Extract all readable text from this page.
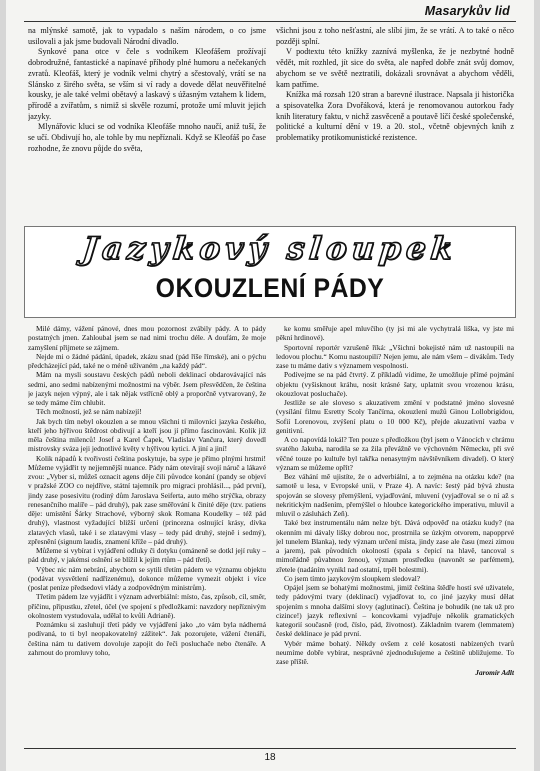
Masarykův lid

na mlýnské samotě, jak to vypadalo s naším národem, o co jsme usilovali a jak jsme budovali Národní divadlo.

Synkové pana otce v čele s vodníkem Kleofášem prožívají dobrodružné, fantastické a napínavé příhody plné humoru a nečekaných zvratů. Kleofáš, který je vodník velmi chytrý a sčestovalý, vrátí se na Slánsko z širého světa, se vším si ví rady a dovede dělat neuvěřitelné kousky, je ale také velmi obětavý a laskavý s úžasným vztahem k lidem, přírodě a zvířatům, s nimiž si skvěle rozumí, protože umí mluvit jejich jazyky.

Mlynářovic kluci se od vodníka Kleofáše mnoho naučí, aniž tuší, že se učí. Obdivují ho, ale tohle by mu nepříznali. Když se Kleofáš po čase rozhodne, že znovu půjde do světa,

všichni jsou z toho nešťastní, ale slíbí jim, že se vrátí. A to také o něco později splní.

V podtextu této knížky zaznívá myšlenka, že je nezbytné hodně vědět, mít rozhled, jít sice do světa, ale napřed dobře znát svůj domov, abychom se ve světě neztratili, dokázali srovnávat a abychom věděli, kam patříme.

Knížka má rozsah 120 stran a barevné ilustrace. Napsala ji historička a spisovatelka Zora Dvořáková, která je renomovanou autorkou řady knih literatury faktu, v nichž zasvěceně a poutavě líčí české společenské, politické a kulturní dění v 19. a 20. stol., včetně objevných knih z problematiky protikomunistické rezistence.

Jazykový sloupek
OKOUZLENÍ PÁDY

Milé dámy, vážení pánové, dnes mou pozornost zvábily pády. A to pády postatných jmen. Zahloubal jsem se nad nimi trochu déle. A doufám, že moje zamyšlení přijmete se zájmem.

Nejde mi o žádné pádání, úpadek, zkázu snad (pád říše římské), ani o pýchu předcházející pád, také ne o méně užívaném „na každý pád“.

Mám na mysli soustavu českých pádů neboli deklinací obdarovávající nás sedmi, ano sedmi nabízenými možnostmi na výběr. Jsem přesvědčen, že čeština je jazyk nejen výpný, ale i tak nějak vstřícně oblý a proporčně vytvarovaný, že se tedy máme čím chlubit.

Těch možností, jež se nám nabízejí!

Jak bych tím nebyl okouzlen a se mnou všichni ti milovníci jazyka českého, kteří jeho hýřivou štědrost obdivují a kteří jsou jí přímo fascinováni. Kolik již měla čeština milenců! Josef a Karel Čapek, Vladislav Vančura, který dovedl mistrovsky sváza jeji jednotlivé květy v hýřivou kytici. A jiní a jiní!

Kolik nápadů k tvořivosti čeština poskytuje, ba sype je přímo plnými hrstmi! Můžeme vyjádřit ty nejjemnější nuance. Pády nám otevírají svojí náruč a lákavé zvou: „Vyber si, můžeš oznacit agens děje čili původce konání (pandy se objeví v pražské ZOO co nejdříve, státní tajemník pro migraci prohlásil..., pád první), jindy zase posesivitu (rodiný dům Jaroslava Seiferta, auto mého strýčka, obrazy renesančního malíře – pád druhý), pak zase směřování k činité děje (tzv. patiens děje: umístění Šárky Strachové, výborný skok Romana Koudelky – též pád druhý), vlastnost vyžadující bližší určení (princezna oslnující krásy, dívka zlatavých vlasů, také i se zlatavými vlasy – tedy pád druhý, stejně i sedmý), zpřesnění (signum laudis, znamení kříže – pád druhý).

Můžeme si vybírat i vyjádření odluky či dotyku (ománeně se dotkl její ruky – pád druhý, v jakémsi oslnění se blížil k jejím rtům – pád třetí).

Výbec nic nám nebrání, abychom se sytili třetím pádem ve významu objektu (podávat vysvětlení nadřízenému), dokonce můžeme vymezit objekt i více (poslat peníze předsedovi vlády a zodpovědným ministrům).

Třetím pádem lze vyjádřit i význam adverbiální: místo, čas, způsob, cíl, směr, příčinu, připustku, zřetel, účel (ve spojení s předložkami: navzdory nepříznivým okolnostem vystudovala, udělal to kvůli Adrianě).

Poznámku si zasluhují třetí pády ve vyjádření jako „to vám byla nádherná podívaná, to ti byl neopakovatelný zážitek“. Jak pozorujete, vážení čtenáři, čeština nám tu dativem dovoluje zapojit do řeči posluchače nebo čtenáře. A zahrnout do promluvy toho,

ke komu směřuje apel mluvčího (ty jsi mi ale vychytralá liška, vy jste mi pěkní hrdinové).

Sportovní reportér vzrušeně říká: „Všichni bokejisté nám už nastoupili na ledovou plochu.“ Komu nastoupili? Nejen jemu, ale nám všem – divákům. Tedy zase tu máme dativ s významem vespolnosti.

Podívejme se na pád čtvrtý. Z příkladů vidíme, že umožňuje přímé pojmání objektu (vyšisknout kráhu, nosit krásné šaty, uplatnit svou vrozenou krásu, okouzlovat posluchače).

Jestliže se ale slovesо s akuzativem změní v podstatné jméno slovesné (vysílání filmu Esretty Scoly Tančírna, okouzlení mužů Ginou Lollobrigidou, Sofií Lorenovou, zvýšení platu o 10 000 Kč), přejde akuzativní vazba v genitivní.

A co napovídá lokál? Ten pouze s předložkou (byl jsem o Vánocích v chrámu svatého Jakuba, narodila se za žila převážně ve výchovném Německu, při své věčné touze po kultuře byl takřka nenasytným návštěvníkem divadel). O který význam se můžeme opřít?

Bez váhání mě ujistíte, že o adverbiální, a to zejména na otázku kde? (na samotě u lesa, v Evropské unii, v Praze 4). A navíc: šestý pád bývá zhusta spojován se slovesy přemýšlení, vyjadřování, mluvení (vyjadřoval se o ní až s nekritickým nadšením, přemýšlel o hloubce kategorického imperativu, mluvil a mluvil o zásluhách Zeň).

Také bez instrumentálu nám nelze být. Dává odpověď na otázku kudy? (na okenním mi dávaly lišky dobrou noc, prostrnila se úzkým otvorem, napopprvé jel tunelem Blanka), tedy význam určení místa, jindy zase ale času (mezi zimou a jarem), pak původních okolností (spala s čepicí na hlavě, tancoval s mimořádně půvabnou ženou), význam prostředku (navonět se parfémem), zřetele (nadáním vynikl nad ostatní, trpěl bolestmi).

Co jsem tímto jazykovým sloupkem sledoval?

Opájel jsem se bohatými možnostmi, jimiž čeština štědře hostí své uživatele, tedy pádovými tvary (deklinací) vyjadřovat to, co jiné jazyky musí dělat spojením s mnoha dalšími slovy (aglutinací). Čeština je bohudík (ne tak už pro cizince!) jazyk reflexivní – koncovkami vyjadřuje několik gramatických kategorií současně (rod, číslo, pád, životnost). Základním tvarem (lemmatem) české deklinace je pád první.

Vybér máme bohatý. Někdy ovšem z celé kosatosti nabízených tvarů neumíme dobře vybírat, nesprávné zjednodušujeme a češtině ubližujeme. To zase příště.

Jaromír Adlt

18
